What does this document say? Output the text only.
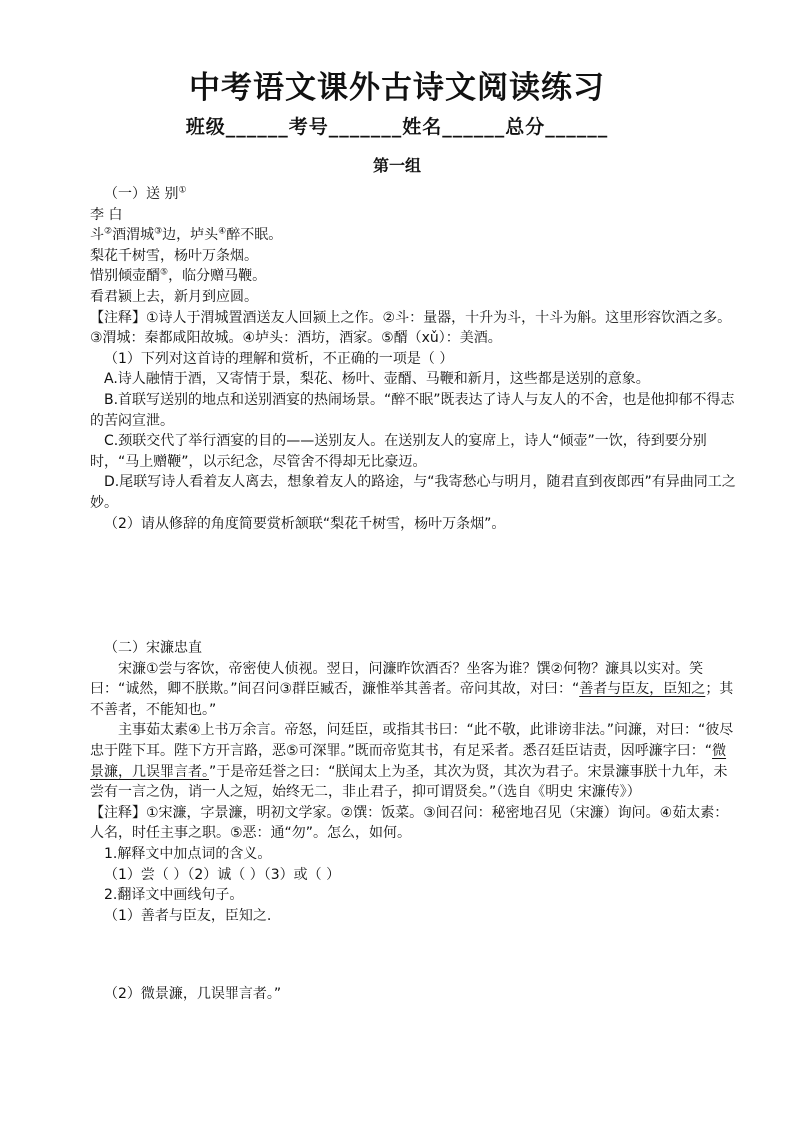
中考语文课外古诗文阅读练习
班级______考号_______姓名______总分______
第一组

（一）送 别①

李 白

斗②酒渭城③边，垆头④醉不眠。

梨花千树雪，杨叶万条烟。

惜别倾壶醑⑤，临分赠马鞭。

看君颍上去，新月到应圆。

【注释】①诗人于渭城置酒送友人回颍上之作。②斗：量器，十升为斗，十斗为斛。这里形容饮酒之多。

③渭城：秦都咸阳故城。④垆头：酒坊，酒家。⑤醑（xǔ）：美酒。

（1）下列对这首诗的理解和赏析，不正确的一项是（ ）

A.诗人融情于酒，又寄情于景，梨花、杨叶、壶醑、马鞭和新月，这些都是送别的意象。

B.首联写送别的地点和送别酒宴的热闹场景。“醉不眠”既表达了诗人与友人的不舍，也是他抑郁不得志 的苦闷宣泄。

C.颈联交代了举行酒宴的目的——送别友人。在送别友人的宴席上，诗人“倾壶”一饮，待到要分别时，“马上赠鞭”，以示纪念，尽管舍不得却无比豪迈。

D.尾联写诗人看着友人离去，想象着友人的路途，与“我寄愁心与明月，随君直到夜郎西”有异曲同工之妙。

（2）请从修辞的角度简要赏析颔联“梨花千树雪，杨叶万条烟”。

（二）宋濂忠直

宋濂①尝与客饮，帝密使人侦视。翌日，问濂昨饮酒否？坐客为谁？馔②何物？濂具以实对。笑曰：“诚然，卿不朕欺。”间召问③群臣臧否，濂惟举其善者。帝问其故，对曰：“善者与臣友，臣知之；其不善者，不能知也。”

主事茹太素④上书万余言。帝怒，问廷臣，或指其书曰：“此不敬，此诽谤非法。”问濂，对曰：“彼尽忠于陛下耳。陛下方开言路，恶⑤可深罪。”既而帝览其书，有足采者。悉召廷臣诘责，因呼濂字曰：“微景濂，几误罪言者。”于是帝廷誉之曰：“朕闻太上为圣，其次为贤，其次为君子。宋景濂事朕十九年，未尝有一言之伪，诮一人之短，始终无二，非止君子，抑可谓贤矣。”（选自《明史 宋濂传》）

【注释】①宋濂，字景濂，明初文学家。②馔：饭菜。③间召问：秘密地召见（宋濂）询问。④茹太素：人名，时任主事之职。⑤恶：通“勿”。怎么，如何。

1.解释文中加点词的含义。

（1）尝（ ）（2）诚（ ）（3）或（ ）

2.翻译文中画线句子。

（1）善者与臣友，臣知之.

（2）微景濂，几误罪言者。”
